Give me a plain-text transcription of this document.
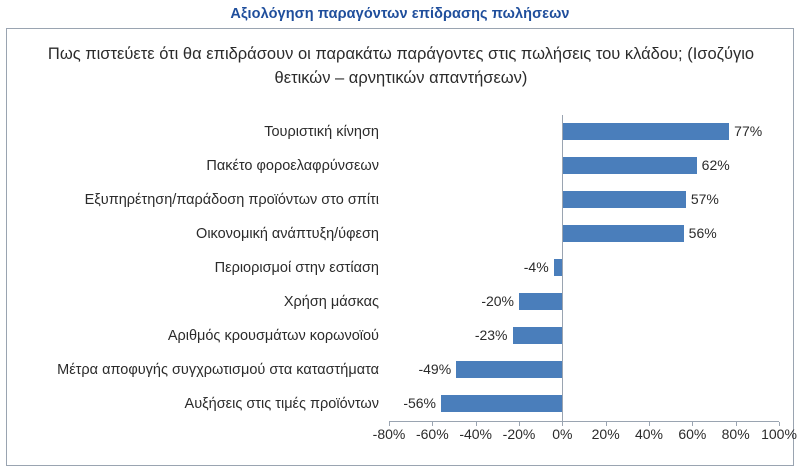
Αξιολόγηση παραγόντων επίδρασης πωλήσεων
Πως πιστεύετε ότι θα επιδράσουν οι παρακάτω παράγοντες στις πωλήσεις του κλάδου; (Ισοζύγιο θετικών – αρνητικών απαντήσεων)
Τουριστική κίνηση	77%
Πακέτο φοροελαφρύνσεων	62%
Εξυπηρέτηση/παράδοση προϊόντων στο σπίτι	57%
Οικονομική ανάπτυξη/ύφεση	56%
Περιορισμοί στην εστίαση	-4%
Χρήση μάσκας	-20%
Αριθμός κρουσμάτων κορωνοϊού	-23%
Μέτρα αποφυγής συγχρωτισμού στα καταστήματα	-49%
Αυξήσεις στις τιμές προϊόντων	-56%
-80% -60% -40% -20% 0% 20% 40% 60% 80% 100%
